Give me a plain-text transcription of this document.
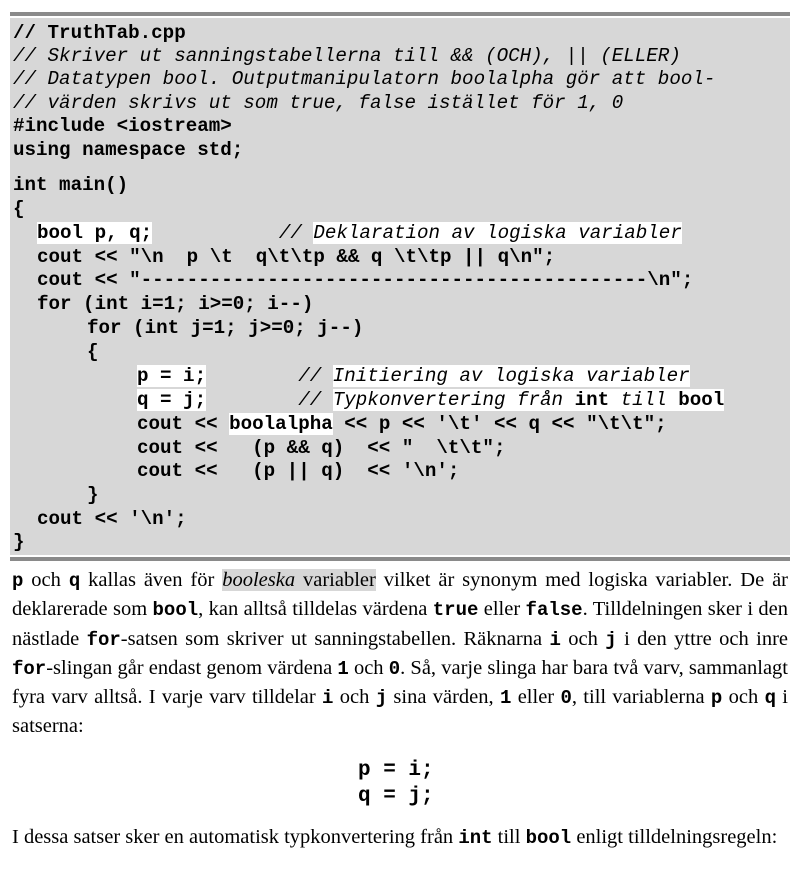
// TruthTab.cpp
// Skriver ut sanningstabellerna till && (OCH), || (ELLER)
// Datatypen bool. Outputmanipulatorn boolalpha gör att bool-
// värden skrivs ut som true, false istället för 1, 0
#include <iostream>
using namespace std;
int main()
{
bool p, q;	// Deklaration av logiska variabler
cout << "\n  p \t  q\t\tp && q \t\tp || q\n";
cout << "--------------------------------------------\n";
for (int i=1; i>=0; i--)
for (int j=1; j>=0; j--)
{
p = i;	// Initiering av logiska variabler
q = j;	// Typkonvertering från int till bool
cout << boolalpha << p << '\t' << q << "\t\t";
cout <<   (p && q)  << "  \t\t";
cout <<   (p || q)  << '\n';
}
cout << '\n';
}

p och q kallas även för booleska variabler vilket är synonym med logiska variabler. De är deklarerade som bool, kan alltså tilldelas värdena true eller false. Tilldelningen sker i den nästlade for-satsen som skriver ut sanningstabellen. Räknarna i och j i den yttre och inre for-slingan går endast genom värdena 1 och 0. Så, varje slinga har bara två varv, sammanlagt fyra varv alltså. I varje varv tilldelar i och j sina värden, 1 eller 0, till variablerna p och q i satserna:

p = i;
q = j;

I dessa satser sker en automatisk typkonvertering från int till bool enligt tilldelningsregeln:
